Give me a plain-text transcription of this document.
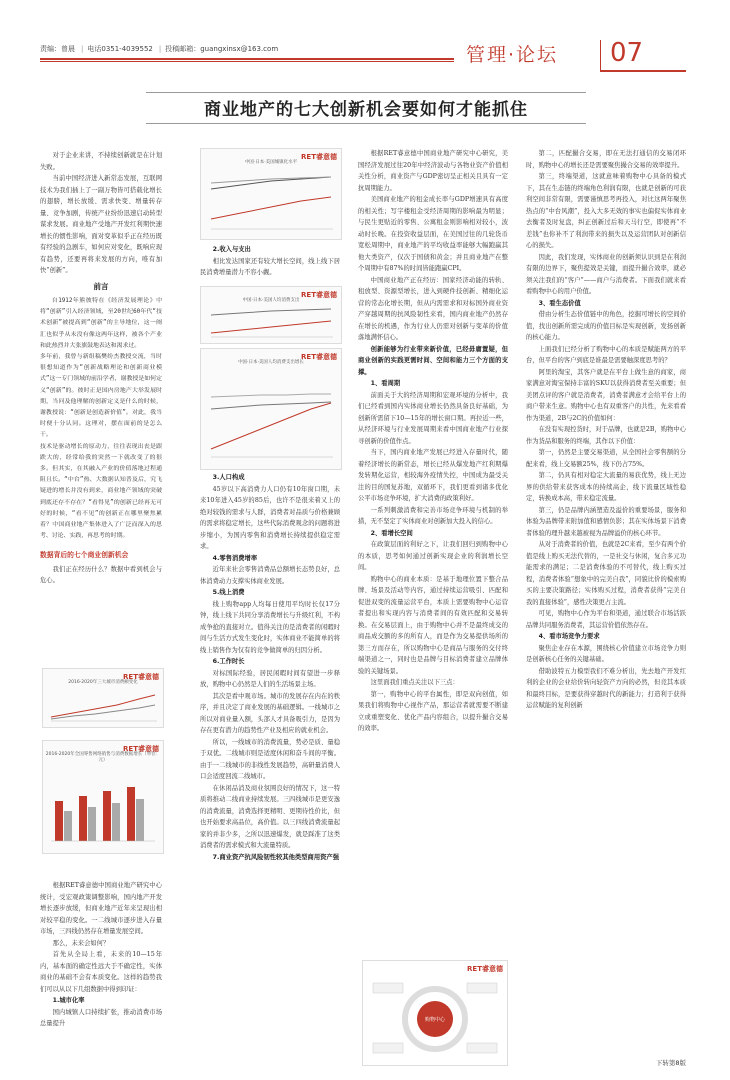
责编：曾晨 | 电话0351-4039552 | 投稿邮箱：guangxinsx@163.com	管理·论坛 07
商业地产的七大创新机会要如何才能抓住

对于企业来讲，不持续创新就是在计划失败。

当前中国经济进入新常态发展，互联网技术为我们插上了一副万物皆可搭载化增长的翅膀，增长放缓、需求快变、增量转存量、竞争加剧，传统产业纷纷迅速启动转型谋求发展。商业地产受地产开发红利期快速增长的惯性影响，面对变革似乎正在经历既有经验的急剧车，如何应对变化，既响应现有趋势，还要再将来发展的方向，唯有加快“创新”。

前言

自1912年熊彼特在《经济发展理论》中将“创新”引入经济领域，至20世纪60年代“技术创新”被提高到“创新”的主导地位，这一阐汇也似乎从未没有像这两年这样，被各个产业和此热烈并大张旗鼓地表达和渴求过。
多年前，我曾与新组稿樊纷杰教授交流，当时很想知道作为“创新战略理论和创新商业模式”这一专门领域的前沿学者，谢教授是如何定义“创新”的。彼时正是国内房地产大举发展时期，当问及他理解的创新定义是什么的时候，谢教授说：“创新是创造新价值”。对此，我当时便十分认同。这理对，摆在面前的是怎么干。
技术是驱动增长的原动力，往往表现出丧是跟跌大的，经常给我的突然一下就改变了的很多。但其实，在其融入产业的价值落地过程通阻且长。“中台”热、大数据认知普及后，究飞疑进的增长并没有到来，商业地产领域的突破到底还存不存在？“看得见”的创新已经再无可好的时候，“看不见”的创新正在哪里聚焦累着？中国商业地产集体进入了广泛而深入的思考、讨论、实践，再思考的时期。

数据背后的七个商业创新机会

我们正在经历什么？数据中看到机会与危心。

RET睿意德
2016-2020年三大城市消费额变化
RET睿意德
2016-2020年全国零售网络销售与消费数据增长（单位：元）

根据RET睿意德中国商业地产研究中心统计，受宏观政策调整影响，国内地产开发增长逐步放缓，但商业地产近年来呈现出相对较平稳的变化。一二线城市逐步进入存量市场，三四线仍然存在增量发展空间。

那么，未来会如何？

首先从全局上看，未来的10—15年内，基本面的确定性远大于不确定性，实体商业的基础不会有本质变化。这样的趋势我们可以从以下几组数据中得到印证：

1.城市化率

国内城镇人口持续扩张，推动消费市场总量提升

RET睿意德
中国·日本·美国城镇化水平
2.收入与支出

相比发达国家还有较大增长空间，线上线下居民消费增量潜力不容小觑。

RET睿意德
中国·日本·美国人均消费支出
RET睿意德
中国·日本·美国人均消费支出增长
3.人口构成

45岁以下高消费力人口仍有10年窗口期，未来10年进入45岁的85后，也许不是很来着又上的绝对较钱的需求与人群，消费者对品质与价格兼顾的需求将稳定增长，这些代际消费观念的问题将进步缩小，为国内零售和消费增长持续提供稳定需求。

4.零售消费增率

近年来社会零售消费品总额增长态势良好，总体消费动力支撑实体商业发展。

5.线上消费

线上购物app人均每日使用平均时长仅17分钟，线上线下共同分享消费增长与升级红利，不构成争抢的直接对立。值得关注的是消费者的闲暇时间与生活方式发生变化时，实体商业不能简单的将线上销售作为仅有的竞争做简单的归因分析。

6.工作时长

对标国际经验，居民闲暇时间有望进一步释放，购物中心仍然是人们的生活场景主场。

其次是看中观市场。城市的发展存在内在的秩序，并且决定了商业发展的基础逻辑。一线城市之所以对商业量入额，头部人才具备吸引力，是因为存在更有潜力的趋势性产业及相应的就业机会。

所以，一线城市的消费流量，势必是质、量稳于双优。二线城市则是适度休闲和奋斗间的平衡。由于一二线城市的非线性发展趋势，高研量消费人口会适度回流二线城市。

在休闲品消及商业氛围良好的情况下，这一特质将推动二线商业持续发展。三四线城市是更安逸的消费流量，消费选择更精明、更期待性价比，但也开始要求高品位，高价值。以三四线消费流量起家的并非少多，之所以迅速爆发，就是踩准了这类消费者的需求模式和大流量特质。

7.商业资产抗风险韧性较其他类型商用资产强

根据RET睿意德中国商业地产研究中心研究，美国经济发展过往20年中经济波动与各物业资产价值相关性分析，商业资产与GDP密切呈正相关且具有一定抗周期能力。

美国商业地产的租金成长率与GDP增速具有高度的相关性；写字楼租金受经济周期的影响最为明显；与民生更贴近的零售、公寓租金则影响相对较小，波动时长晚。在投资收益层面，在美国过往的几轮货币宽松周期中，商业地产的平均收益率能够大幅跑赢其他大类资产，仅次于国债和黄金；并且商业地产在整个周期中有87%的时间皆能跑赢CPI。

中国商业地产正在经历：国家经济动能的转轨、租放型、资源型增长，进入到硬件技创新、精细化运营的常态化增长期，但从内需需求和对标国外商业资产穿越周期的抗风险韧性来看，国内商业地产仍然存在增长的机遇，作为行业人仍需对创新与变革的价值落地满怀信心。

创新能够为行业带来新价值，已经毋庸置疑，但商业创新的实践更需时间、空间和能力三个方面的支撑。

1、看周期

前面关于大的经济周期和宏观环境的分析中，我们已经看到国内实体商业增长仍然具备良好基础，为创新所需留下10—15年的增长窗口期。再拉近一些，从经济环境与行业发展周期来看中国商业地产行业探寻创新的价值作点。

当下，国内商业地产发展已经进入存量时代，随着经济增长的新常态，增长已经从爆发地产红利期爆发转期化运营，相较海外疫情失控，中国成为最受关注的目的国复苏地，双循环下，我们更看到诸多优化公平市场竞争环境，扩大消费的政策利好。

一系列刺激消费和完善市场竞争环境与机制的举措，无不坚定了实体商业对创新加大投入的信心。

2、看增长空间

在政策层面的利好之下，让我们回归到购物中心的本质，思考如何通过创新实现企业的利润增长空间。

购物中心的商业本质：是基于地理位置下整合品牌、场景及活动等内容，通过持续运营吸引、匹配和促进双变的流量运营平台，本质上需要购物中心运营者提出和实现内容与消费者间的有效匹配和交易转换。在交易层面上，由于购物中心并不是最终成交的商品成交额的多的所有人，而是作为交易提供场所的第三方而存在，所以购物中心是商品与服务的交付终端渠道之一，同时也是品牌与目标消费者建立品牌体验的关键场景。

这里面我们重点关注以下三点：

第一，购物中心的平台属性，即是双向创值，如果我们将购物中心视作产品，那运营者就需要不断建立或重塑变化、优化产品内容组合，以提升撮合交易的效率。

RET睿意德
购物中心

第二，匹配撮合交易，即在无法打通信的交易闭环时，购物中心的增长还是需要聚焦撮合交易的效率提升。

第三，终端渠道，这就意味着购物中心具备的模式下，其在生态链的终端角色利润有限，也就是创新的可获利空间非常有限，需要谨慎思考再投入，对比这两年聚焦热点的“中台风潮”，投入大多无效的事实也偏促实体商业去衡者及时复盘，纠正创新过后和天马行空，即使再“不差钱”也你补不了利润带来的损失以及运营团队对创新信心的损失。

因此，我们发现，实体商业的创新须认识到是在利润有限的边界下，聚焦提效是关键，而提升撮合效率，就必须关注我们的“客户”——商户与消费者。下面我们就来看看购物中心的用户价值。

3、看生态价值

借由分析生态价值链中的角色，挖掘可增长的空间价值，找出创新所需完成的价值目标是实现创新，发扬创新的核心能力。

上面我们已经分析了购物中心的本质是赋能两方的平台，但平台的客户到底是谁最是需要触深度思考的？

阿里的淘宝，其客户就是在平台上做生意的商家，商家满意对淘宝保持丰富的SKU以获得消费者至关重要；但美团点评的客户就是消费者，消费者满意才会给平台上的商户带来生意。购物中心也有双重客户的共性，先来看看作为渠道，2B与2C的价值如何：

在没有实现控货时，对于品牌，也就是2B，购物中心作为货品和服务的终端，其作以下价值：

第一，仍然是主要交易渠道，从全国社会零售额的分配来看，线上交易额25%，线下仍占75%。

第二，仍具有相对稳定大流量的易获优势，线上无边界的供给带来获客成本的持续高企，线下流量区域性稳定，转换成本高，带来稳定流量。

第三，仍是品牌内涵塑造及溢价的重要场景，服务和体验为品牌带来附加值和感情负影；其在实体场景下消费者体验的理升越来越被视为品牌溢价的核心环节。

从对于消费者的价值，也就是2C来看，至少有两个价值是线上购买无法代替的，一是社交与休闲，复合多元功能需求的满足；二是消费体验的不可替代，线上购买过程，消费者体验“想象中的完美自我”，同貌比价的模索购买的主要决策路径；实体购买过程，消费者获得“完美自我的直接体验”，感性决策更占主流。

可见，购物中心作为平台和渠道，通过联合市场活跃品牌共同服务消费者，其运营价值依然存在。

4、看市场竞争力要求

聚焦企业存在本源，围绕核心价值建立市场竞争力则是创新核心任务的关键基础。

借助波特五力模型我们不难分析出，先去地产开发红利的企业的会业给价转向轻资产方向的必然，但竞其本质和最终目标，是要获得穿越时代的新能力；打造利于获得运营赋能的复利创新

下转第8版
